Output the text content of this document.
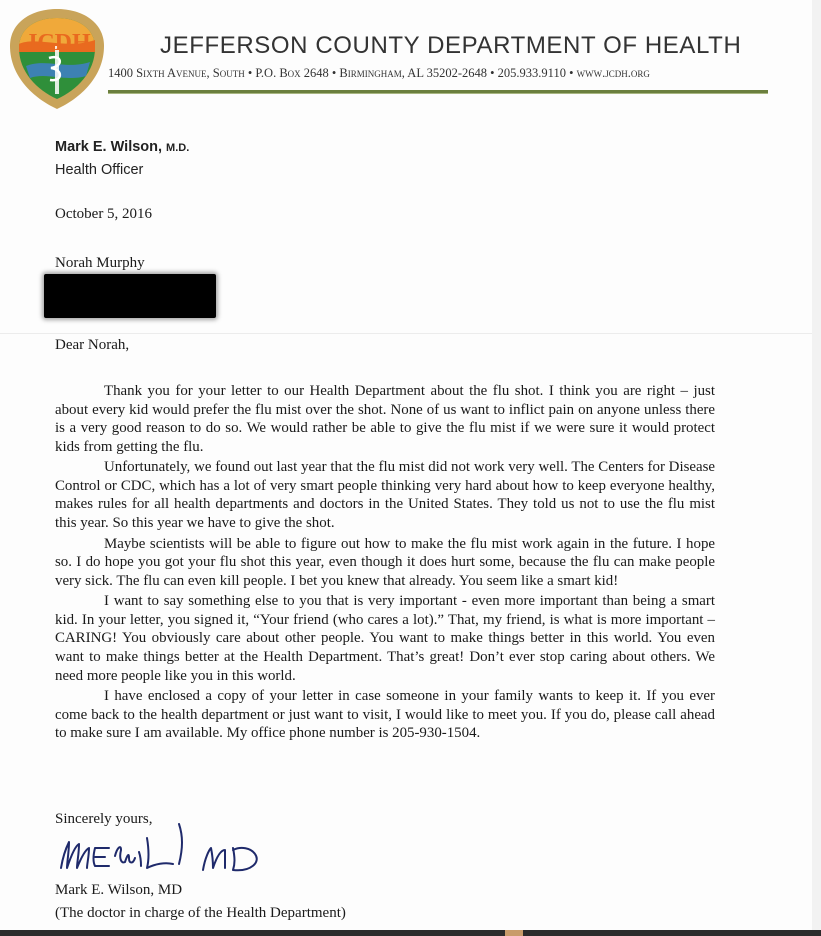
JCDH	JEFFERSON COUNTY DEPARTMENT OF HEALTH
1400 Sixth Avenue, South • P.O. Box 2648 • Birmingham, AL 35202-2648 • 205.933.9110 • www.jcdh.org
Mark E. Wilson, M.D.
Health Officer
October 5, 2016
Norah Murphy
Dear Norah,

Thank you for your letter to our Health Department about the flu shot. I think you are right – just about every kid would prefer the flu mist over the shot. None of us want to inflict pain on anyone unless there is a very good reason to do so. We would rather be able to give the flu mist if we were sure it would protect kids from getting the flu.

Unfortunately, we found out last year that the flu mist did not work very well. The Centers for Disease Control or CDC, which has a lot of very smart people thinking very hard about how to keep everyone healthy, makes rules for all health departments and doctors in the United States. They told us not to use the flu mist this year. So this year we have to give the shot.

Maybe scientists will be able to figure out how to make the flu mist work again in the future. I hope so. I do hope you got your flu shot this year, even though it does hurt some, because the flu can make people very sick. The flu can even kill people. I bet you knew that already. You seem like a smart kid!

I want to say something else to you that is very important - even more important than being a smart kid. In your letter, you signed it, “Your friend (who cares a lot).” That, my friend, is what is more important – CARING! You obviously care about other people. You want to make things better in this world. You even want to make things better at the Health Department. That’s great! Don’t ever stop caring about others. We need more people like you in this world.

I have enclosed a copy of your letter in case someone in your family wants to keep it. If you ever come back to the health department or just want to visit, I would like to meet you. If you do, please call ahead to make sure I am available. My office phone number is 205-930-1504.

Sincerely yours,
Mark E. Wilson, MD
(The doctor in charge of the Health Department)
